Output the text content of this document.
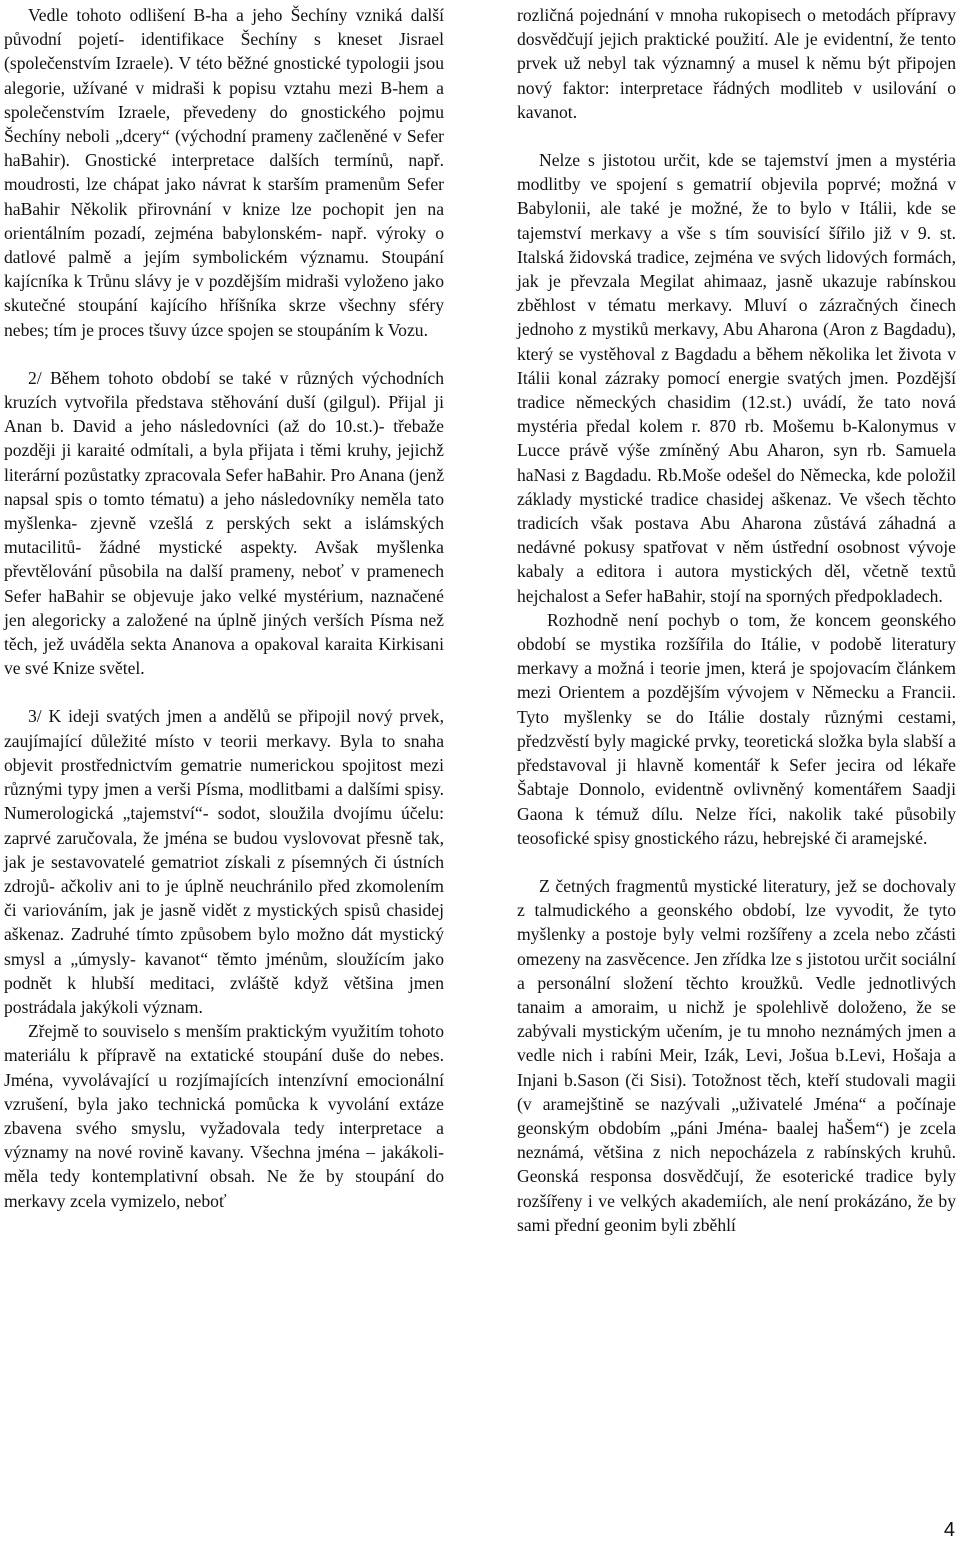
Vedle tohoto odlišení B-ha a jeho Šechíny vzniká další původní pojetí- identifikace Šechíny s kneset Jisrael (společenstvím Izraele). V této běžné gnostické typologii jsou alegorie, užívané v midraši k popisu vztahu mezi B-hem a společenstvím Izraele, převedeny do gnostického pojmu Šechíny neboli „dcery“ (východní prameny začleněné v Sefer haBahir). Gnostické interpretace dalších termínů, např. moudrosti, lze chápat jako návrat k starším pramenům Sefer haBahir Několik přirovnání v knize lze pochopit jen na orientálním pozadí, zejména babylonském- např. výroky o datlové palmě a jejím symbolickém významu. Stoupání kajícníka k Trůnu slávy je v pozdějším midraši vyloženo jako skutečné stoupání kajícího hříšníka skrze všechny sféry nebes; tím je proces tšuvy úzce spojen se stoupáním k Vozu.

2/ Během tohoto období se také v různých východních kruzích vytvořila představa stěhování duší (gilgul). Přijal ji Anan b. David a jeho následovníci (až do 10.st.)- třebaže později ji karaité odmítali, a byla přijata i těmi kruhy, jejichž literární pozůstatky zpracovala Sefer haBahir. Pro Anana (jenž napsal spis o tomto tématu) a jeho následovníky neměla tato myšlenka- zjevně vzešlá z perských sekt a islámských mutacilitů- žádné mystické aspekty. Avšak myšlenka převtělování působila na další prameny, neboť v pramenech Sefer haBahir se objevuje jako velké mystérium, naznačené jen alegoricky a založené na úplně jiných verších Písma než těch, jež uváděla sekta Ananova a opakoval karaita Kirkisani ve své Knize světel.

3/ K ideji svatých jmen a andělů se připojil nový prvek, zaujímající důležité místo v teorii merkavy. Byla to snaha objevit prostřednictvím gematrie numerickou spojitost mezi různými typy jmen a verši Písma, modlitbami a dalšími spisy. Numerologická „tajemství“- sodot, sloužila dvojímu účelu: zaprvé zaručovala, že jména se budou vyslovovat přesně tak, jak je sestavovatelé gematriot získali z písemných či ústních zdrojů- ačkoliv ani to je úplně neuchránilo před zkomolením či variováním, jak je jasně vidět z mystických spisů chasidej aškenaz. Zadruhé tímto způsobem bylo možno dát mystický smysl a „úmysly- kavanot“ těmto jménům, sloužícím jako podnět k hlubší meditaci, zvláště když většina jmen postrádala jakýkoli význam.

Zřejmě to souviselo s menším praktickým využitím tohoto materiálu k přípravě na extatické stoupání duše do nebes. Jména, vyvolávající u rozjímajících intenzívní emocionální vzrušení, byla jako technická pomůcka k vyvolání extáze zbavena svého smyslu, vyžadovala tedy interpretace a významy na nové rovině kavany. Všechna jména – jakákoli- měla tedy kontemplativní obsah. Ne že by stoupání do merkavy zcela vymizelo, neboť

rozličná pojednání v mnoha rukopisech o metodách přípravy dosvědčují jejich praktické použití. Ale je evidentní, že tento prvek už nebyl tak významný a musel k němu být připojen nový faktor: interpretace řádných modliteb v usilování o kavanot.

Nelze s jistotou určit, kde se tajemství jmen a mystéria modlitby ve spojení s gematrií objevila poprvé; možná v Babylonii, ale také je možné, že to bylo v Itálii, kde se tajemství merkavy a vše s tím souvisící šířilo již v 9. st. Italská židovská tradice, zejména ve svých lidových formách, jak je převzala Megilat ahimaaz, jasně ukazuje rabínskou zběhlost v tématu merkavy. Mluví o zázračných činech jednoho z mystiků merkavy, Abu Aharona (Aron z Bagdadu), který se vystěhoval z Bagdadu a během několika let života v Itálii konal zázraky pomocí energie svatých jmen. Pozdější tradice německých chasidim (12.st.) uvádí, že tato nová mystéria předal kolem r. 870 rb. Mošemu b-Kalonymus v Lucce právě výše zmíněný Abu Aharon, syn rb. Samuela haNasi z Bagdadu. Rb.Moše odešel do Německa, kde položil základy mystické tradice chasidej aškenaz. Ve všech těchto tradicích však postava Abu Aharona zůstává záhadná a nedávné pokusy spatřovat v něm ústřední osobnost vývoje kabaly a editora i autora mystických děl, včetně textů hejchalost a Sefer haBahir, stojí na sporných předpokladech.

Rozhodně není pochyb o tom, že koncem geonského období se mystika rozšířila do Itálie, v podobě literatury merkavy a možná i teorie jmen, která je spojovacím článkem mezi Orientem a pozdějším vývojem v Německu a Francii. Tyto myšlenky se do Itálie dostaly různými cestami, předzvěstí byly magické prvky, teoretická složka byla slabší a představoval ji hlavně komentář k Sefer jecira od lékaře Šabtaje Donnolo, evidentně ovlivněný komentářem Saadji Gaona k témuž dílu. Nelze říci, nakolik také působily teosofické spisy gnostického rázu, hebrejské či aramejské.

Z četných fragmentů mystické literatury, jež se dochovaly z talmudického a geonského období, lze vyvodit, že tyto myšlenky a postoje byly velmi rozšířeny a zcela nebo zčásti omezeny na zasvěcence. Jen zřídka lze s jistotou určit sociální a personální složení těchto kroužků. Vedle jednotlivých tanaim a amoraim, u nichž je spolehlivě doloženo, že se zabývali mystickým učením, je tu mnoho neznámých jmen a vedle nich i rabíni Meir, Izák, Levi, Jošua b.Levi, Hošaja a Injani b.Sason (či Sisi). Totožnost těch, kteří studovali magii (v aramejštině se nazývali „uživatelé Jména“ a počínaje geonským obdobím „páni Jména- baalej haŠem“) je zcela neznámá, většina z nich nepocházela z rabínských kruhů. Geonská responsa dosvědčují, že esoterické tradice byly rozšířeny i ve velkých akademiích, ale není prokázáno, že by sami přední geonim byli zběhlí

4
